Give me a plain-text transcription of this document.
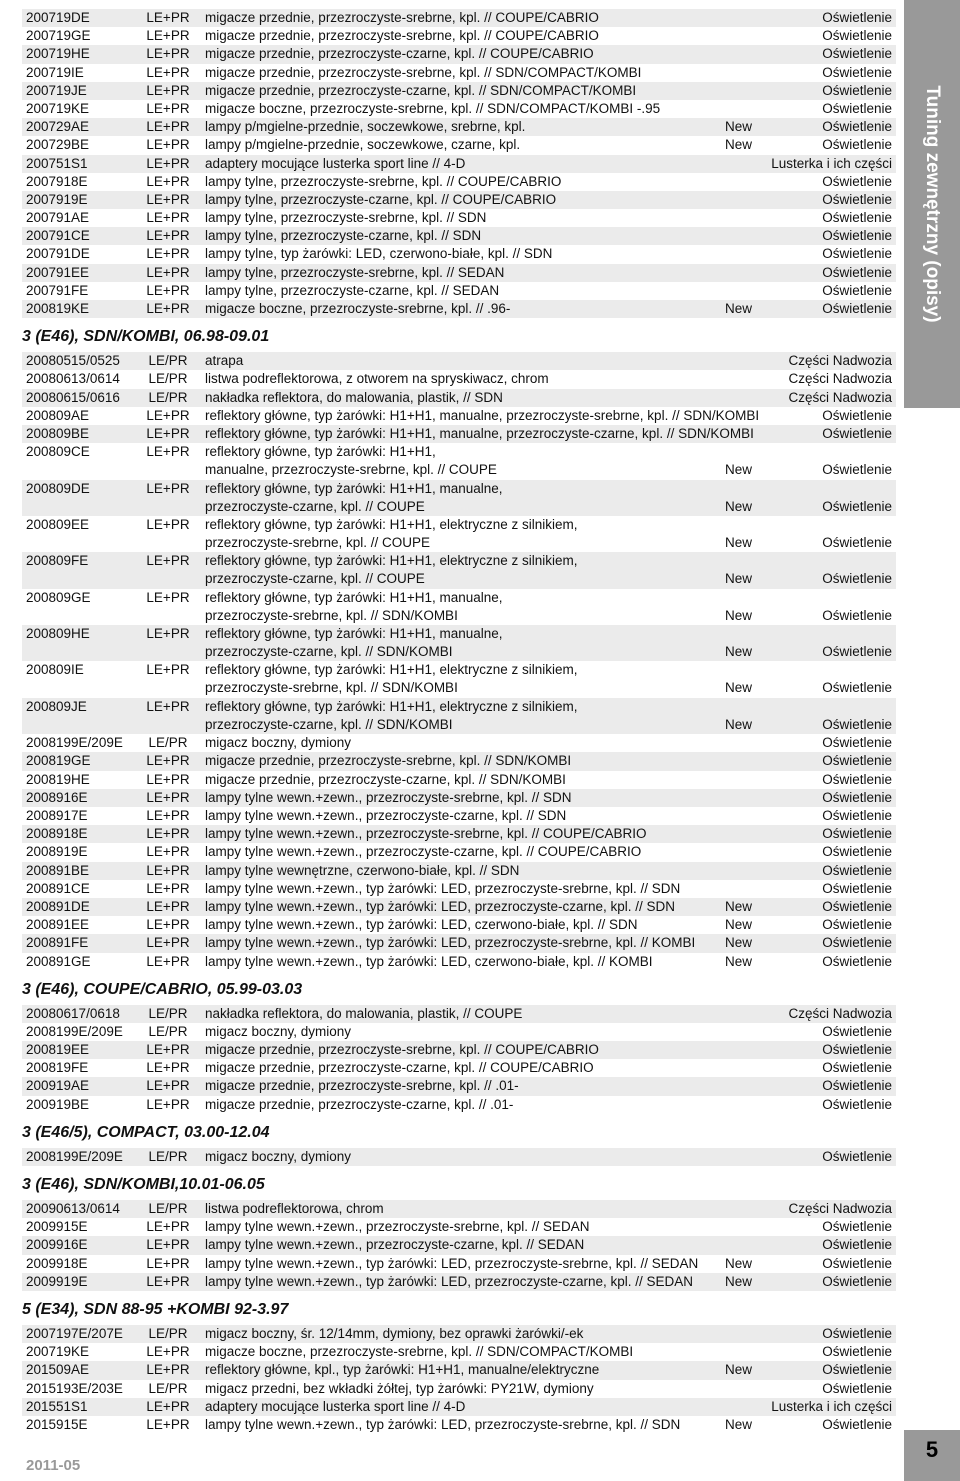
Tuning zewnętrzny (opisy)
200719DE	LE+PR migacze przednie, przezroczyste-srebrne, kpl. // COUPE/CABRIO	Oświetlenie
200719GE	LE+PR migacze przednie, przezroczyste-srebrne, kpl. // COUPE/CABRIO	Oświetlenie
200719HE	LE+PR migacze przednie, przezroczyste-czarne, kpl. // COUPE/CABRIO	Oświetlenie
200719IE	LE+PR migacze przednie, przezroczyste-srebrne, kpl. // SDN/COMPACT/KOMBI	Oświetlenie
200719JE	LE+PR migacze przednie, przezroczyste-czarne, kpl. // SDN/COMPACT/KOMBI	Oświetlenie
200719KE	LE+PR migacze boczne, przezroczyste-srebrne, kpl. // SDN/COMPACT/KOMBI -.95	Oświetlenie
200729AE	LE+PR lampy p/mgielne-przednie, soczewkowe, srebrne, kpl.	New	Oświetlenie
200729BE	LE+PR lampy p/mgielne-przednie, soczewkowe, czarne, kpl.	New	Oświetlenie
200751S1	LE+PR adaptery mocujące lusterka sport line // 4-D	Lusterka i ich części
2007918E	LE+PR lampy tylne, przezroczyste-srebrne, kpl. // COUPE/CABRIO	Oświetlenie
2007919E	LE+PR lampy tylne, przezroczyste-czarne, kpl. // COUPE/CABRIO	Oświetlenie
200791AE	LE+PR lampy tylne, przezroczyste-srebrne, kpl. // SDN	Oświetlenie
200791CE	LE+PR lampy tylne, przezroczyste-czarne, kpl. // SDN	Oświetlenie
200791DE	LE+PR lampy tylne, typ żarówki: LED, czerwono-białe, kpl. // SDN	Oświetlenie
200791EE	LE+PR lampy tylne, przezroczyste-srebrne, kpl. // SEDAN	Oświetlenie
200791FE	LE+PR lampy tylne, przezroczyste-czarne, kpl. // SEDAN	Oświetlenie
200819KE	LE+PR migacze boczne, przezroczyste-srebrne, kpl. // .96-	New	Oświetlenie
3 (E46), SDN/KOMBI, 06.98-09.01
20080515/0525	LE/PR	atrapa	Części Nadwozia
20080613/0614	LE/PR	listwa podreflektorowa, z otworem na spryskiwacz, chrom	Części Nadwozia
20080615/0616	LE/PR	nakładka reflektora, do malowania, plastik, // SDN	Części Nadwozia
200809AE	LE+PR reflektory główne, typ żarówki: H1+H1, manualne, przezroczyste-srebrne, kpl. // SDN/KOMBI	Oświetlenie
200809BE	LE+PR reflektory główne, typ żarówki: H1+H1, manualne, przezroczyste-czarne, kpl. // SDN/KOMBI	Oświetlenie
200809CE	LE+PR reflektory główne, typ żarówki: H1+H1,
manualne, przezroczyste-srebrne, kpl. // COUPE	New	Oświetlenie
200809DE	LE+PR reflektory główne, typ żarówki: H1+H1, manualne,
przezroczyste-czarne, kpl. // COUPE	New	Oświetlenie
200809EE	LE+PR reflektory główne, typ żarówki: H1+H1, elektryczne z silnikiem,
przezroczyste-srebrne, kpl. // COUPE	New	Oświetlenie
200809FE	LE+PR reflektory główne, typ żarówki: H1+H1, elektryczne z silnikiem,
przezroczyste-czarne, kpl. // COUPE	New	Oświetlenie
200809GE	LE+PR reflektory główne, typ żarówki: H1+H1, manualne,
przezroczyste-srebrne, kpl. // SDN/KOMBI	New	Oświetlenie
200809HE	LE+PR reflektory główne, typ żarówki: H1+H1, manualne,
przezroczyste-czarne, kpl. // SDN/KOMBI	New	Oświetlenie
200809IE	LE+PR reflektory główne, typ żarówki: H1+H1, elektryczne z silnikiem,
przezroczyste-srebrne, kpl. // SDN/KOMBI	New	Oświetlenie
200809JE	LE+PR reflektory główne, typ żarówki: H1+H1, elektryczne z silnikiem,
przezroczyste-czarne, kpl. // SDN/KOMBI	New	Oświetlenie
2008199E/209E	LE/PR	migacz boczny, dymiony	Oświetlenie
200819GE	LE+PR migacze przednie, przezroczyste-srebrne, kpl. // SDN/KOMBI	Oświetlenie
200819HE	LE+PR migacze przednie, przezroczyste-czarne, kpl. // SDN/KOMBI	Oświetlenie
2008916E	LE+PR lampy tylne wewn.+zewn., przezroczyste-srebrne, kpl. // SDN	Oświetlenie
2008917E	LE+PR lampy tylne wewn.+zewn., przezroczyste-czarne, kpl. // SDN	Oświetlenie
2008918E	LE+PR lampy tylne wewn.+zewn., przezroczyste-srebrne, kpl. // COUPE/CABRIO	Oświetlenie
2008919E	LE+PR lampy tylne wewn.+zewn., przezroczyste-czarne, kpl. // COUPE/CABRIO	Oświetlenie
200891BE	LE+PR lampy tylne wewnętrzne, czerwono-białe, kpl. // SDN	Oświetlenie
200891CE	LE+PR lampy tylne wewn.+zewn., typ żarówki: LED, przezroczyste-srebrne, kpl. // SDN	Oświetlenie
200891DE	LE+PR lampy tylne wewn.+zewn., typ żarówki: LED, przezroczyste-czarne, kpl. // SDN	New	Oświetlenie
200891EE	LE+PR lampy tylne wewn.+zewn., typ żarówki: LED, czerwono-białe, kpl. // SDN	New	Oświetlenie
200891FE	LE+PR lampy tylne wewn.+zewn., typ żarówki: LED, przezroczyste-srebrne, kpl. // KOMBI New	Oświetlenie
200891GE	LE+PR lampy tylne wewn.+zewn., typ żarówki: LED, czerwono-białe, kpl. // KOMBI	New	Oświetlenie
3 (E46), COUPE/CABRIO, 05.99-03.03
20080617/0618	LE/PR	nakładka reflektora, do malowania, plastik, // COUPE	Części Nadwozia
2008199E/209E	LE/PR	migacz boczny, dymiony	Oświetlenie
200819EE	LE+PR migacze przednie, przezroczyste-srebrne, kpl. // COUPE/CABRIO	Oświetlenie
200819FE	LE+PR migacze przednie, przezroczyste-czarne, kpl. // COUPE/CABRIO	Oświetlenie
200919AE	LE+PR migacze przednie, przezroczyste-srebrne, kpl. // .01-	Oświetlenie
200919BE	LE+PR migacze przednie, przezroczyste-czarne, kpl. // .01-	Oświetlenie
3 (E46/5), COMPACT, 03.00-12.04
2008199E/209E	LE/PR	migacz boczny, dymiony	Oświetlenie
3 (E46), SDN/KOMBI,10.01-06.05
20090613/0614	LE/PR	listwa podreflektorowa, chrom	Części Nadwozia
2009915E	LE+PR lampy tylne wewn.+zewn., przezroczyste-srebrne, kpl. // SEDAN	Oświetlenie
2009916E	LE+PR lampy tylne wewn.+zewn., przezroczyste-czarne, kpl. // SEDAN	Oświetlenie
2009918E	LE+PR lampy tylne wewn.+zewn., typ żarówki: LED, przezroczyste-srebrne, kpl. // SEDAN New	Oświetlenie
2009919E	LE+PR lampy tylne wewn.+zewn., typ żarówki: LED, przezroczyste-czarne, kpl. // SEDAN New	Oświetlenie
5 (E34), SDN 88-95 +KOMBI 92-3.97
2007197E/207E	LE/PR	migacz boczny, śr. 12/14mm, dymiony, bez oprawki żarówki/-ek	Oświetlenie
200719KE	LE+PR migacze boczne, przezroczyste-srebrne, kpl. // SDN/COMPACT/KOMBI	Oświetlenie
201509AE	LE+PR reflektory główne, kpl., typ żarówki: H1+H1, manualne/elektryczne	New	Oświetlenie
2015193E/203E	LE/PR	migacz przedni, bez wkładki żółtej, typ żarówki: PY21W, dymiony	Oświetlenie
201551S1	LE+PR adaptery mocujące lusterka sport line // 4-D	Lusterka i ich części
2015915E	LE+PR lampy tylne wewn.+zewn., typ żarówki: LED, przezroczyste-srebrne, kpl. // SDN	New	Oświetlenie
5
2011-05
